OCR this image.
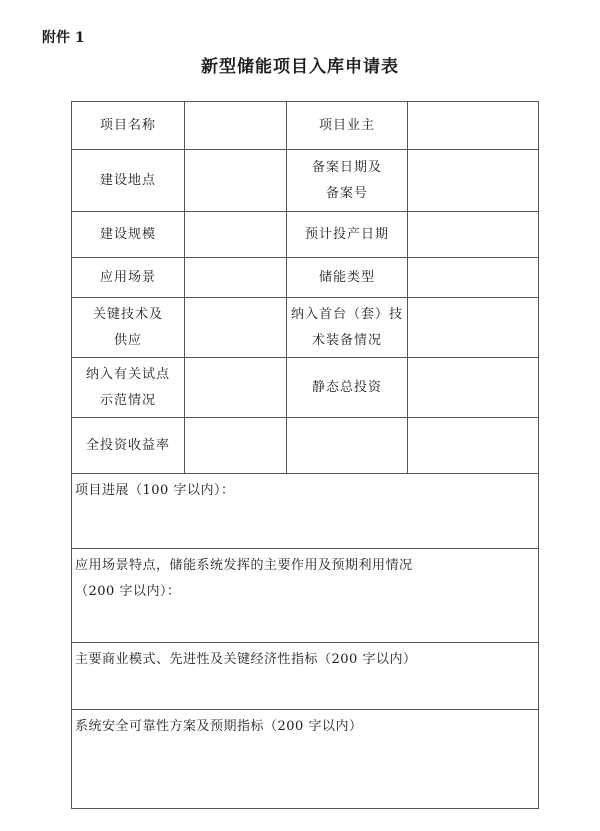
附件 1
新型储能项目入库申请表
项目名称		项目业主	
建设地点		备案日期及
备案号	

建设规模		预计投产日期	
应用场景		储能类型	

关键技术及
供应		纳入首台（套）技
术装备情况	

纳入有关试点
示范情况		静态总投资	
全投资收益率			
项目进展（100 字以内）：			

应用场景特点，储能系统发挥的主要作用及预期利用情况
（200 字以内）：			

主要商业模式、先进性及关键经济性指标（200 字以内）			
系统安全可靠性方案及预期指标（200 字以内）			
